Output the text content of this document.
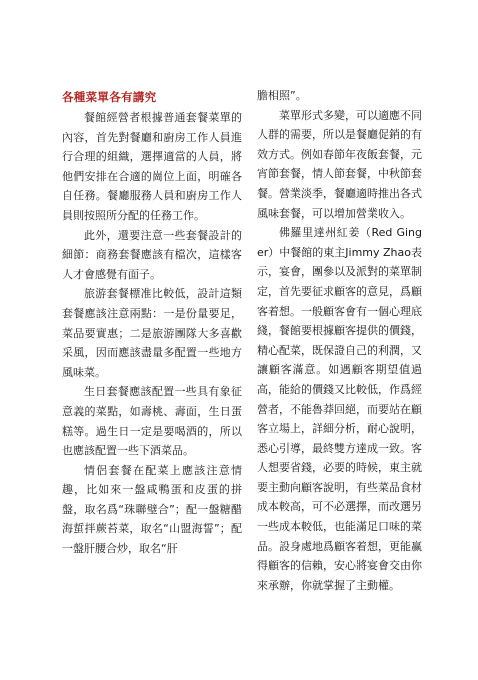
各種菜單各有講究

餐館經營者根據普通套餐菜單的內容，首先對餐廳和廚房工作人員進行合理的組織，選擇適當的人員，將他們安排在合適的崗位上面，明確各自任務。餐廳服務人員和廚房工作人員則按照所分配的任務工作。

此外，還要注意一些套餐設計的細節：商務套餐應該有檔次，這樣客人才會感覺有面子。

旅游套餐標准比較低，設計這類套餐應該注意兩點：一是份量要足，菜品要實惠；二是旅游團隊大多喜歡采風，因而應該盡量多配置一些地方風味菜。

生日套餐應該配置一些具有象征意義的菜點，如壽桃、壽面，生日蛋糕等。過生日一定是要喝酒的，所以也應該配置一些下酒菜品。

情侶套餐在配菜上應該注意情趣，比如來一盤咸鴨蛋和皮蛋的拼盤，取名爲“珠聯璧合”；配一盤糖醋海蜇拌蕨苔菜，取名“山盟海誓”；配一盤肝腰合炒，取名“肝

膽相照”。

菜單形式多變，可以適應不同人群的需要，所以是餐廳促銷的有效方式。例如春節年夜飯套餐，元宵節套餐，情人節套餐，中秋節套餐。營業淡季，餐廳適時推出各式風味套餐，可以增加營業收入。

佛羅里達州紅姜（Red Ginger）中餐館的東主Jimmy Zhao表示，宴會，團參以及派對的菜單制定，首先要征求顧客的意見，爲顧客着想。一般顧客會有一個心理底綫，餐館要根據顧客提供的價錢，精心配菜，既保證自己的利潤，又讓顧客滿意。如遇顧客期望值過高，能給的價錢又比較低，作爲經營者，不能魯莽回絕，而要站在顧客立場上，詳細分析，耐心說明，悉心引導，最終雙方達成一致。客人想要省錢，必要的時候，東主就要主動向顧客說明，有些菜品食材成本較高，可不必選擇，而改選另一些成本較低，也能滿足口味的菜品。設身處地爲顧客着想，更能赢得顧客的信賴，安心將宴會交由你來承辦，你就掌握了主動權。
